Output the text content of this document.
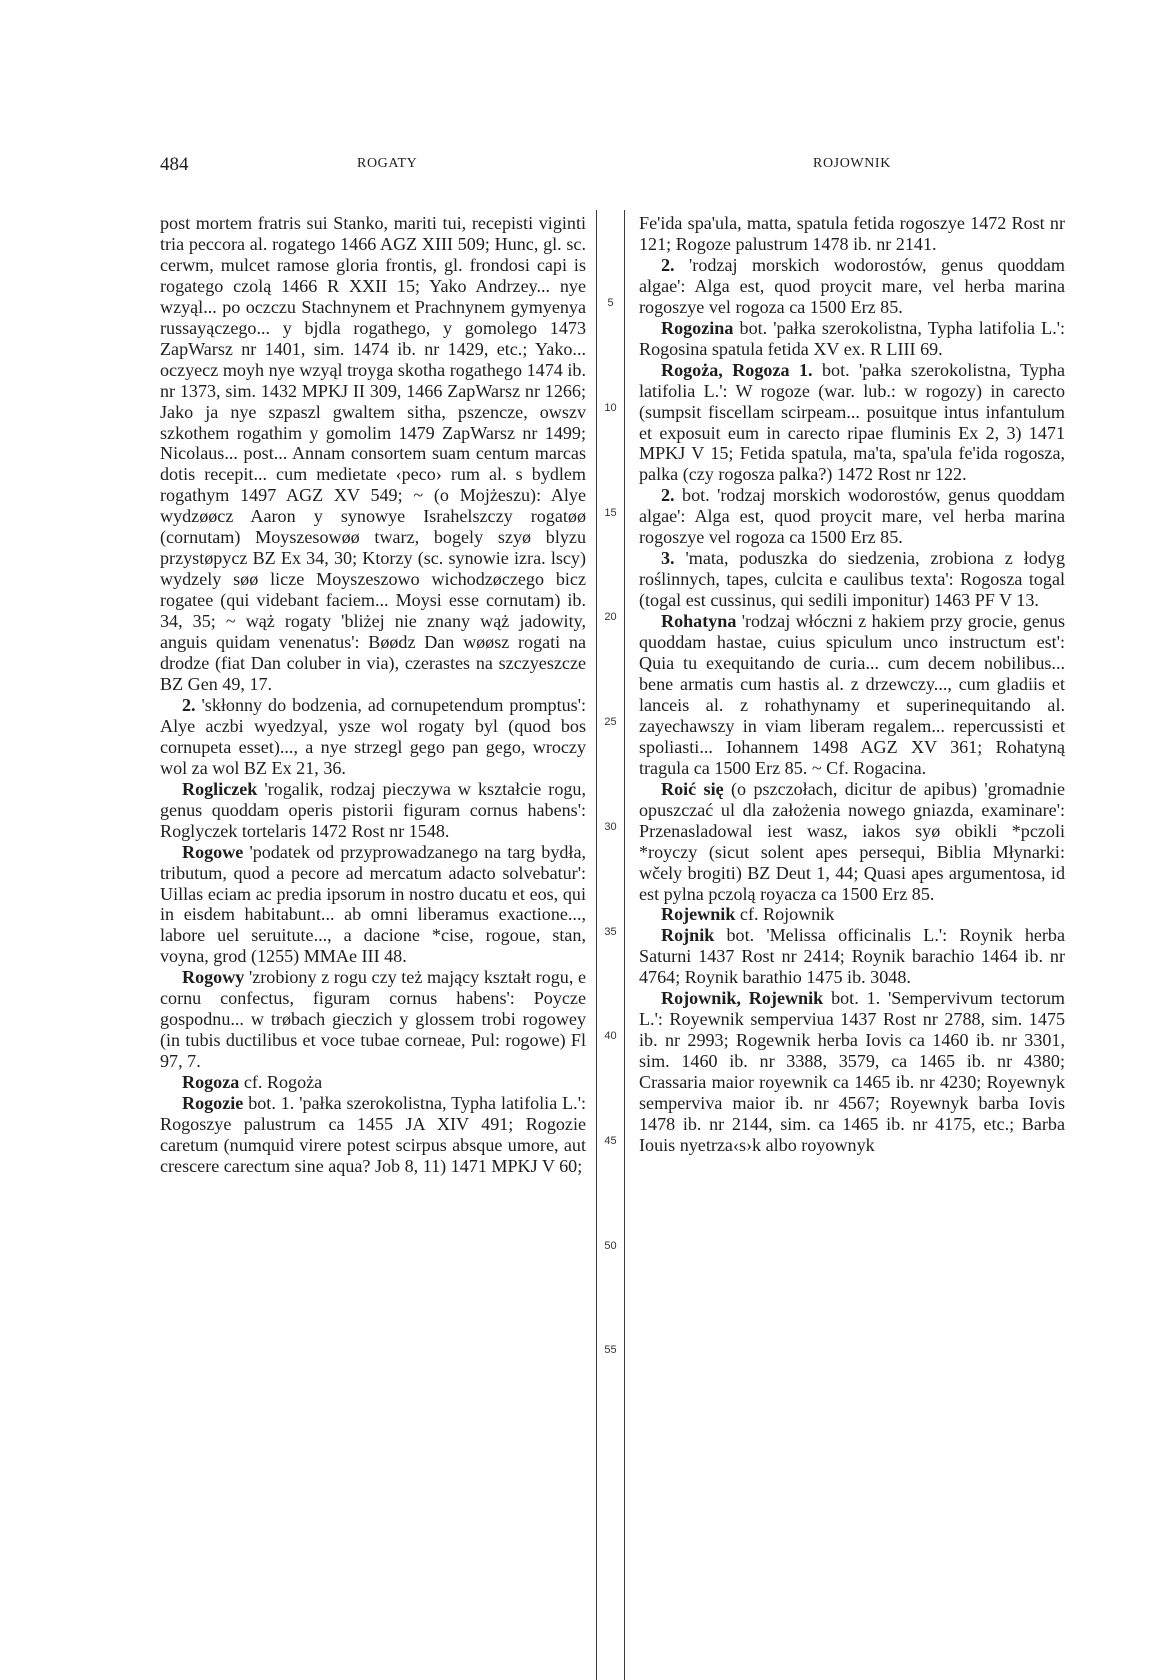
484	ROGATY	ROJOWNIK
5
10
15
20
25
30
35
40
45
50
55

post mortem fratris sui Stanko, mariti tui, recepisti viginti tria peccora al. rogatego 1466 AGZ XIII 509; Hunc, gl. sc. cerwm, mulcet ramose gloria frontis, gl. frondosi capi is rogatego czolą 1466 R XXII 15; Yako Andrzey... nye wzyąl... po oczczu Stachnynem et Prachnynem gymyenya russayączego... y bjdla rogathego, y gomolego 1473 ZapWarsz nr 1401, sim. 1474 ib. nr 1429, etc.; Yako... oczyecz moyh nye wzyąl troyga skotha rogathego 1474 ib. nr 1373, sim. 1432 MPKJ II 309, 1466 ZapWarsz nr 1266; Jako ja nye szpaszl gwaltem sitha, pszencze, owszv szkothem rogathim y gomolim 1479 ZapWarsz nr 1499; Nicolaus... post... Annam consortem suam centum marcas dotis recepit... cum medietate ‹peco› rum al. s bydlem rogathym 1497 AGZ XV 549; ~ (o Mojżeszu): Alye wydzøøcz Aaron y synowye Israhelszczy rogatøø (cornutam) Moyszesowøø twarz, bogely szyø blyzu przystøpycz BZ Ex 34, 30; Ktorzy (sc. synowie izra. lscy) wydzely søø licze Moyszeszowo wichodzøczego bicz rogatee (qui videbant faciem... Moysi esse cornutam) ib. 34, 35; ~ wąż rogaty 'bliżej nie znany wąż jadowity, anguis quidam venenatus': Bøødz Dan wøøsz rogati na drodze (fiat Dan coluber in via), czerastes na szczyeszcze BZ Gen 49, 17.

2. 'skłonny do bodzenia, ad cornupetendum promptus': Alye aczbi wyedzyal, ysze wol rogaty byl (quod bos cornupeta esset)..., a nye strzegl gego pan gego, wroczy wol za wol BZ Ex 21, 36.

Rogliczek 'rogalik, rodzaj pieczywa w kształcie rogu, genus quoddam operis pistorii figuram cornus habens': Roglyczek tortelaris 1472 Rost nr 1548.

Rogowe 'podatek od przyprowadzanego na targ bydła, tributum, quod a pecore ad mercatum adacto solvebatur': Uillas eciam ac predia ipsorum in nostro ducatu et eos, qui in eisdem habitabunt... ab omni liberamus exactione..., labore uel seruitute..., a dacione *cise, rogoue, stan, voyna, grod (1255) MMAe III 48.

Rogowy 'zrobiony z rogu czy też mający kształt rogu, e cornu confectus, figuram cornus habens': Poycze gospodnu... w trøbach gieczich y glossem trobi rogowey (in tubis ductilibus et voce tubae corneae, Pul: rogowe) Fl 97, 7.

Rogoza cf. Rogoża

Rogozie bot. 1. 'pałka szerokolistna, Typha latifolia L.': Rogoszye palustrum ca 1455 JA XIV 491; Rogozie caretum (numquid virere potest scirpus absque umore, aut crescere carectum sine aqua? Job 8, 11) 1471 MPKJ V 60;

Fe'ida spa'ula, matta, spatula fetida rogoszye 1472 Rost nr 121; Rogoze palustrum 1478 ib. nr 2141.

2. 'rodzaj morskich wodorostów, genus quoddam algae': Alga est, quod proycit mare, vel herba marina rogoszye vel rogoza ca 1500 Erz 85.

Rogozina bot. 'pałka szerokolistna, Typha latifolia L.': Rogosina spatula fetida XV ex. R LIII 69.

Rogoża, Rogoza 1. bot. 'pałka szerokolistna, Typha latifolia L.': W rogoze (war. lub.: w rogozy) in carecto (sumpsit fiscellam scirpeam... posuitque intus infantulum et exposuit eum in carecto ripae fluminis Ex 2, 3) 1471 MPKJ V 15; Fetida spatula, ma'ta, spa'ula fe'ida rogosza, palka (czy rogosza palka?) 1472 Rost nr 122.

2. bot. 'rodzaj morskich wodorostów, genus quoddam algae': Alga est, quod proycit mare, vel herba marina rogoszye vel rogoza ca 1500 Erz 85.

3. 'mata, poduszka do siedzenia, zrobiona z łodyg roślinnych, tapes, culcita e caulibus texta': Rogosza togal (togal est cussinus, qui sedili imponitur) 1463 PF V 13.

Rohatyna 'rodzaj włóczni z hakiem przy grocie, genus quoddam hastae, cuius spiculum unco instructum est': Quia tu exequitando de curia... cum decem nobilibus... bene armatis cum hastis al. z drzewczy..., cum gladiis et lanceis al. z rohathynamy et superinequitando al. zayechawszy in viam liberam regalem... repercussisti et spoliasti... Iohannem 1498 AGZ XV 361; Rohatyną tragula ca 1500 Erz 85. ~ Cf. Rogacina.

Roić się (o pszczołach, dicitur de apibus) 'gromadnie opuszczać ul dla założenia nowego gniazda, examinare': Przenasladowal iest wasz, iakos syø obikli *pczoli *royczy (sicut solent apes persequi, Biblia Młynarki: wčely brogiti) BZ Deut 1, 44; Quasi apes argumentosa, id est pylna pczolą royacza ca 1500 Erz 85.

Rojewnik cf. Rojownik

Rojnik bot. 'Melissa officinalis L.': Roynik herba Saturni 1437 Rost nr 2414; Roynik barachio 1464 ib. nr 4764; Roynik barathio 1475 ib. 3048.

Rojownik, Rojewnik bot. 1. 'Sempervivum tectorum L.': Royewnik semperviua 1437 Rost nr 2788, sim. 1475 ib. nr 2993; Rogewnik herba Iovis ca 1460 ib. nr 3301, sim. 1460 ib. nr 3388, 3579, ca 1465 ib. nr 4380; Crassaria maior royewnik ca 1465 ib. nr 4230; Royewnyk semperviva maior ib. nr 4567; Royewnyk barba Iovis 1478 ib. nr 2144, sim. ca 1465 ib. nr 4175, etc.; Barba Iouis nyetrza‹s›k albo royownyk
